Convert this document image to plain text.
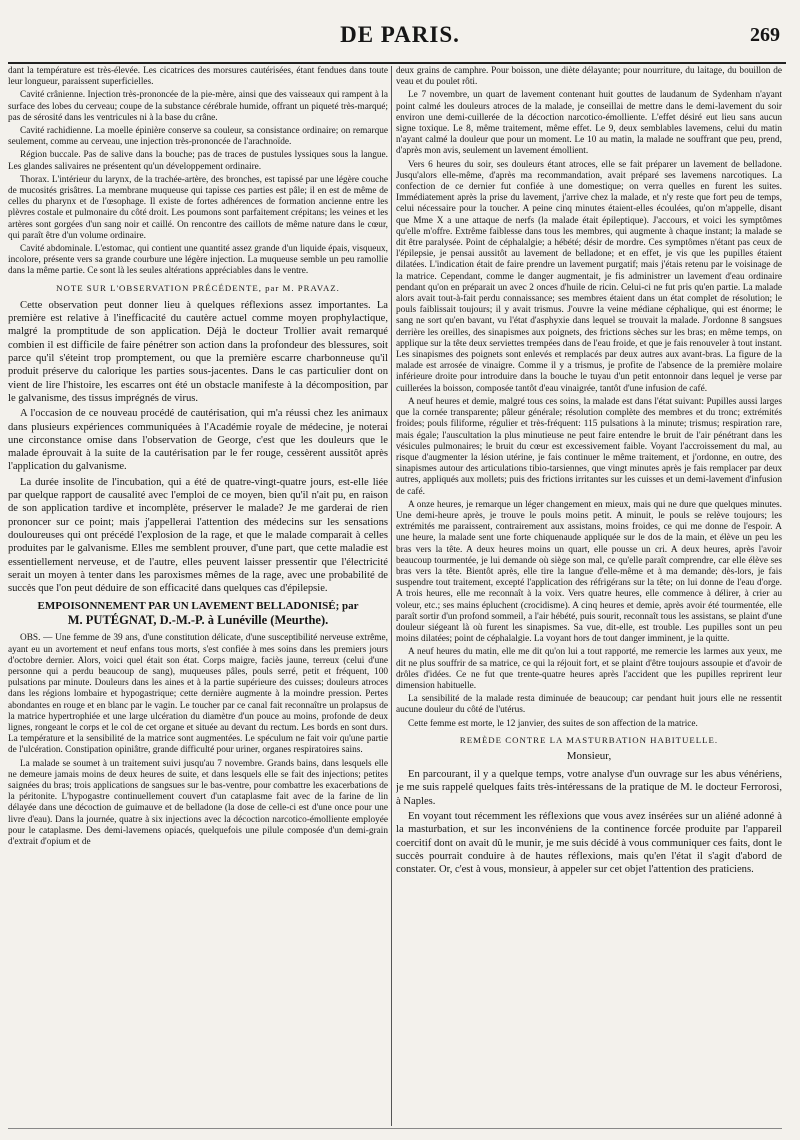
DE PARIS.	269

dant la température est très-élevée. Les cicatrices des morsures cautérisées, étant fendues dans toute leur longueur, paraissent superficielles.

Cavité crânienne. Injection très-prononcée de la pie-mère, ainsi que des vaisseaux qui rampent à la surface des lobes du cerveau; coupe de la substance cérébrale humide, offrant un piqueté très-marqué; pas de sérosité dans les ventricules ni à la base du crâne.

Cavité rachidienne. La moelle épinière conserve sa couleur, sa consistance ordinaire; on remarque seulement, comme au cerveau, une injection très-prononcée de l'arachnoïde.

Région buccale. Pas de salive dans la bouche; pas de traces de pustules lyssiques sous la langue. Les glandes salivaires ne présentent qu'un développement ordinaire.

Thorax. L'intérieur du larynx, de la trachée-artère, des bronches, est tapissé par une légère couche de mucosités grisâtres. La membrane muqueuse qui tapisse ces parties est pâle; il en est de même de celles du pharynx et de l'œsophage. Il existe de fortes adhérences de formation ancienne entre les plèvres costale et pulmonaire du côté droit. Les poumons sont parfaitement crépitans; les veines et les artères sont gorgées d'un sang noir et caillé. On rencontre des caillots de même nature dans le cœur, qui paraît être d'un volume ordinaire.

Cavité abdominale. L'estomac, qui contient une quantité assez grande d'un liquide épais, visqueux, incolore, présente vers sa grande courbure une légère injection. La muqueuse semble un peu ramollie dans la même partie. Ce sont là les seules altérations appréciables dans le ventre.

NOTE SUR L'OBSERVATION PRÉCÉDENTE, par M. PRAVAZ.

Cette observation peut donner lieu à quelques réflexions assez importantes. La première est relative à l'inefficacité du cautère actuel comme moyen prophylactique, malgré la promptitude de son application. Déjà le docteur Trollier avait remarqué combien il est difficile de faire pénétrer son action dans la profondeur des blessures, soit parce qu'il s'éteint trop promptement, ou que la première escarre charbonneuse qu'il produit préserve du calorique les parties sous-jacentes. Dans le cas particulier dont on vient de lire l'histoire, les escarres ont été un obstacle manifeste à la décomposition, par le galvanisme, des tissus imprégnés de virus.

A l'occasion de ce nouveau procédé de cautérisation, qui m'a réussi chez les animaux dans plusieurs expériences communiquées à l'Académie royale de médecine, je noterai une circonstance omise dans l'observation de George, c'est que les douleurs que le malade éprouvait à la suite de la cautérisation par le fer rouge, cessèrent aussitôt après l'application du galvanisme.

La durée insolite de l'incubation, qui a été de quatre-vingt-quatre jours, est-elle liée par quelque rapport de causalité avec l'emploi de ce moyen, bien qu'il n'ait pu, en raison de son application tardive et incomplète, préserver le malade? Je me garderai de rien prononcer sur ce point; mais j'appellerai l'attention des médecins sur les sensations douloureuses qui ont précédé l'explosion de la rage, et que le malade comparait à celles produites par le galvanisme. Elles me semblent prouver, d'une part, que cette maladie est essentiellement nerveuse, et de l'autre, elles peuvent laisser pressentir que l'électricité serait un moyen à tenter dans les paroxismes mêmes de la rage, avec une probabilité de succès que l'on peut déduire de son efficacité dans quelques cas d'épilepsie.

EMPOISONNEMENT PAR UN LAVEMENT BELLADONISÉ; par
M. PUTÉGNAT, D.-M.-P. à Lunéville (Meurthe).

OBS. — Une femme de 39 ans, d'une constitution délicate, d'une susceptibilité nerveuse extrême, ayant eu un avortement et neuf enfans tous morts, s'est confiée à mes soins dans les premiers jours d'octobre dernier. Alors, voici quel était son état. Corps maigre, faciès jaune, terreux (celui d'une personne qui a perdu beaucoup de sang), muqueuses pâles, pouls serré, petit et fréquent, 100 pulsations par minute. Douleurs dans les aines et à la partie supérieure des cuisses; douleurs atroces dans les régions lombaire et hypogastrique; cette dernière augmente à la moindre pression. Pertes abondantes en rouge et en blanc par le vagin. Le toucher par ce canal fait reconnaître un prolapsus de la matrice hypertrophiée et une large ulcération du diamètre d'un pouce au moins, profonde de deux lignes, rongeant le corps et le col de cet organe et située au devant du rectum. Les bords en sont durs. La température et la sensibilité de la matrice sont augmentées. Le spéculum ne fait voir qu'une partie de l'ulcération. Constipation opiniâtre, grande difficulté pour uriner, organes respiratoires sains.

La malade se soumet à un traitement suivi jusqu'au 7 novembre. Grands bains, dans lesquels elle ne demeure jamais moins de deux heures de suite, et dans lesquels elle se fait des injections; petites saignées du bras; trois applications de sangsues sur le bas-ventre, pour combattre les exacerbations de la péritonite. L'hypogastre continuellement couvert d'un cataplasme fait avec de la farine de lin délayée dans une décoction de guimauve et de belladone (la dose de celle-ci est d'une once pour une livre d'eau). Dans la journée, quatre à six injections avec la décoction narcotico-émolliente employée pour le cataplasme. Des demi-lavemens opiacés, quelquefois une pilule composée d'un demi-grain d'extrait d'opium et de

deux grains de camphre. Pour boisson, une diète délayante; pour nourriture, du laitage, du bouillon de veau et du poulet rôti.

Le 7 novembre, un quart de lavement contenant huit gouttes de laudanum de Sydenham n'ayant point calmé les douleurs atroces de la malade, je conseillai de mettre dans le demi-lavement du soir environ une demi-cuillerée de la décoction narcotico-émolliente. L'effet désiré eut lieu sans aucun signe toxique. Le 8, même traitement, même effet. Le 9, deux semblables lavemens, celui du matin n'ayant calmé la douleur que pour un moment. Le 10 au matin, la malade ne souffrant que peu, prend, d'après mon avis, seulement un lavement émollient.

Vers 6 heures du soir, ses douleurs étant atroces, elle se fait préparer un lavement de belladone. Jusqu'alors elle-même, d'après ma recommandation, avait préparé ses lavemens narcotiques. La confection de ce dernier fut confiée à une domestique; on verra quelles en furent les suites. Immédiatement après la prise du lavement, j'arrive chez la malade, et n'y reste que fort peu de temps, celui nécessaire pour la toucher. A peine cinq minutes étaient-elles écoulées, qu'on m'appelle, disant que Mme X a une attaque de nerfs (la malade était épileptique). J'accours, et voici les symptômes qu'elle m'offre. Extrême faiblesse dans tous les membres, qui augmente à chaque instant; la malade se dit être paralysée. Point de céphalalgie; a hébété; désir de mordre. Ces symptômes n'étant pas ceux de l'épilepsie, je pensai aussitôt au lavement de belladone; et en effet, je vis que les pupilles étaient dilatées. L'indication était de faire prendre un lavement purgatif; mais j'étais retenu par le voisinage de la matrice. Cependant, comme le danger augmentait, je fis administrer un lavement d'eau ordinaire pendant qu'on en préparait un avec 2 onces d'huile de ricin. Celui-ci ne fut pris qu'en partie. La malade alors avait tout-à-fait perdu connaissance; ses membres étaient dans un état complet de résolution; le pouls faiblissait toujours; il y avait trismus. J'ouvre la veine médiane céphalique, qui est énorme; le sang ne sort qu'en bavant, vu l'état d'asphyxie dans lequel se trouvait la malade. J'ordonne 8 sangsues derrière les oreilles, des sinapismes aux poignets, des frictions sèches sur les bras; en même temps, on applique sur la tête deux serviettes trempées dans de l'eau froide, et que je fais renouveler à tout instant. Les sinapismes des poignets sont enlevés et remplacés par deux autres aux avant-bras. La figure de la malade est arrosée de vinaigre. Comme il y a trismus, je profite de l'absence de la première molaire inférieure droite pour introduire dans la bouche le tuyau d'un petit entonnoir dans lequel je verse par cuillerées la boisson, composée tantôt d'eau vinaigrée, tantôt d'une infusion de café.

A neuf heures et demie, malgré tous ces soins, la malade est dans l'état suivant: Pupilles aussi larges que la cornée transparente; pâleur générale; résolution complète des membres et du tronc; extrémités froides; pouls filiforme, régulier et très-fréquent: 115 pulsations à la minute; trismus; respiration rare, mais égale; l'auscultation la plus minutieuse ne peut faire entendre le bruit de l'air pénétrant dans les vésicules pulmonaires; le bruit du cœur est excessivement faible. Voyant l'accroissement du mal, au risque d'augmenter la lésion utérine, je fais continuer le même traitement, et j'ordonne, en outre, des sinapismes autour des articulations tibio-tarsiennes, que vingt minutes après je fais remplacer par deux autres, appliqués aux mollets; puis des frictions irritantes sur les cuisses et un demi-lavement d'infusion de café.

A onze heures, je remarque un léger changement en mieux, mais qui ne dure que quelques minutes. Une demi-heure après, je trouve le pouls moins petit. A minuit, le pouls se relève toujours; les extrémités me paraissent, contrairement aux assistans, moins froides, ce qui me donne de l'espoir. A une heure, la malade sent une forte chiquenaude appliquée sur le dos de la main, et élève un peu les bras vers la tête. A deux heures moins un quart, elle pousse un cri. A deux heures, après l'avoir beaucoup tourmentée, je lui demande où siège son mal, ce qu'elle paraît comprendre, car elle élève ses bras vers la tête. Bientôt après, elle tire la langue d'elle-même et à ma demande; dès-lors, je fais suspendre tout traitement, excepté l'application des réfrigérans sur la tête; on lui donne de l'eau d'orge. A trois heures, elle me reconnaît à la voix. Vers quatre heures, elle commence à délirer, à crier au voleur, etc.; ses mains épluchent (crocidisme). A cinq heures et demie, après avoir été tourmentée, elle paraît sortir d'un profond sommeil, a l'air hébété, puis sourit, reconnaît tous les assistans, se plaint d'une douleur siégeant là où furent les sinapismes. Sa vue, dit-elle, est trouble. Les pupilles sont un peu moins dilatées; point de céphalalgie. La voyant hors de tout danger imminent, je la quitte.

A neuf heures du matin, elle me dit qu'on lui a tout rapporté, me remercie les larmes aux yeux, me dit ne plus souffrir de sa matrice, ce qui la réjouit fort, et se plaint d'être toujours assoupie et d'avoir de drôles d'idées. Ce ne fut que trente-quatre heures après l'accident que les pupilles reprirent leur dimension habituelle.

La sensibilité de la malade resta diminuée de beaucoup; car pendant huit jours elle ne ressentit aucune douleur du côté de l'utérus.

Cette femme est morte, le 12 janvier, des suites de son affection de la matrice.

REMÈDE CONTRE LA MASTURBATION HABITUELLE.
Monsieur,

En parcourant, il y a quelque temps, votre analyse d'un ouvrage sur les abus vénériens, je me suis rappelé quelques faits très-intéressans de la pratique de M. le docteur Ferrorosi, à Naples.

En voyant tout récemment les réflexions que vous avez insérées sur un aliéné adonné à la masturbation, et sur les inconvéniens de la continence forcée produite par l'appareil coercitif dont on avait dû le munir, je me suis décidé à vous communiquer ces faits, dont le succès pourrait conduire à de hautes réflexions, mais qu'en l'état il s'agit d'abord de constater. Or, c'est à vous, monsieur, à appeler sur cet objet l'attention des praticiens.
